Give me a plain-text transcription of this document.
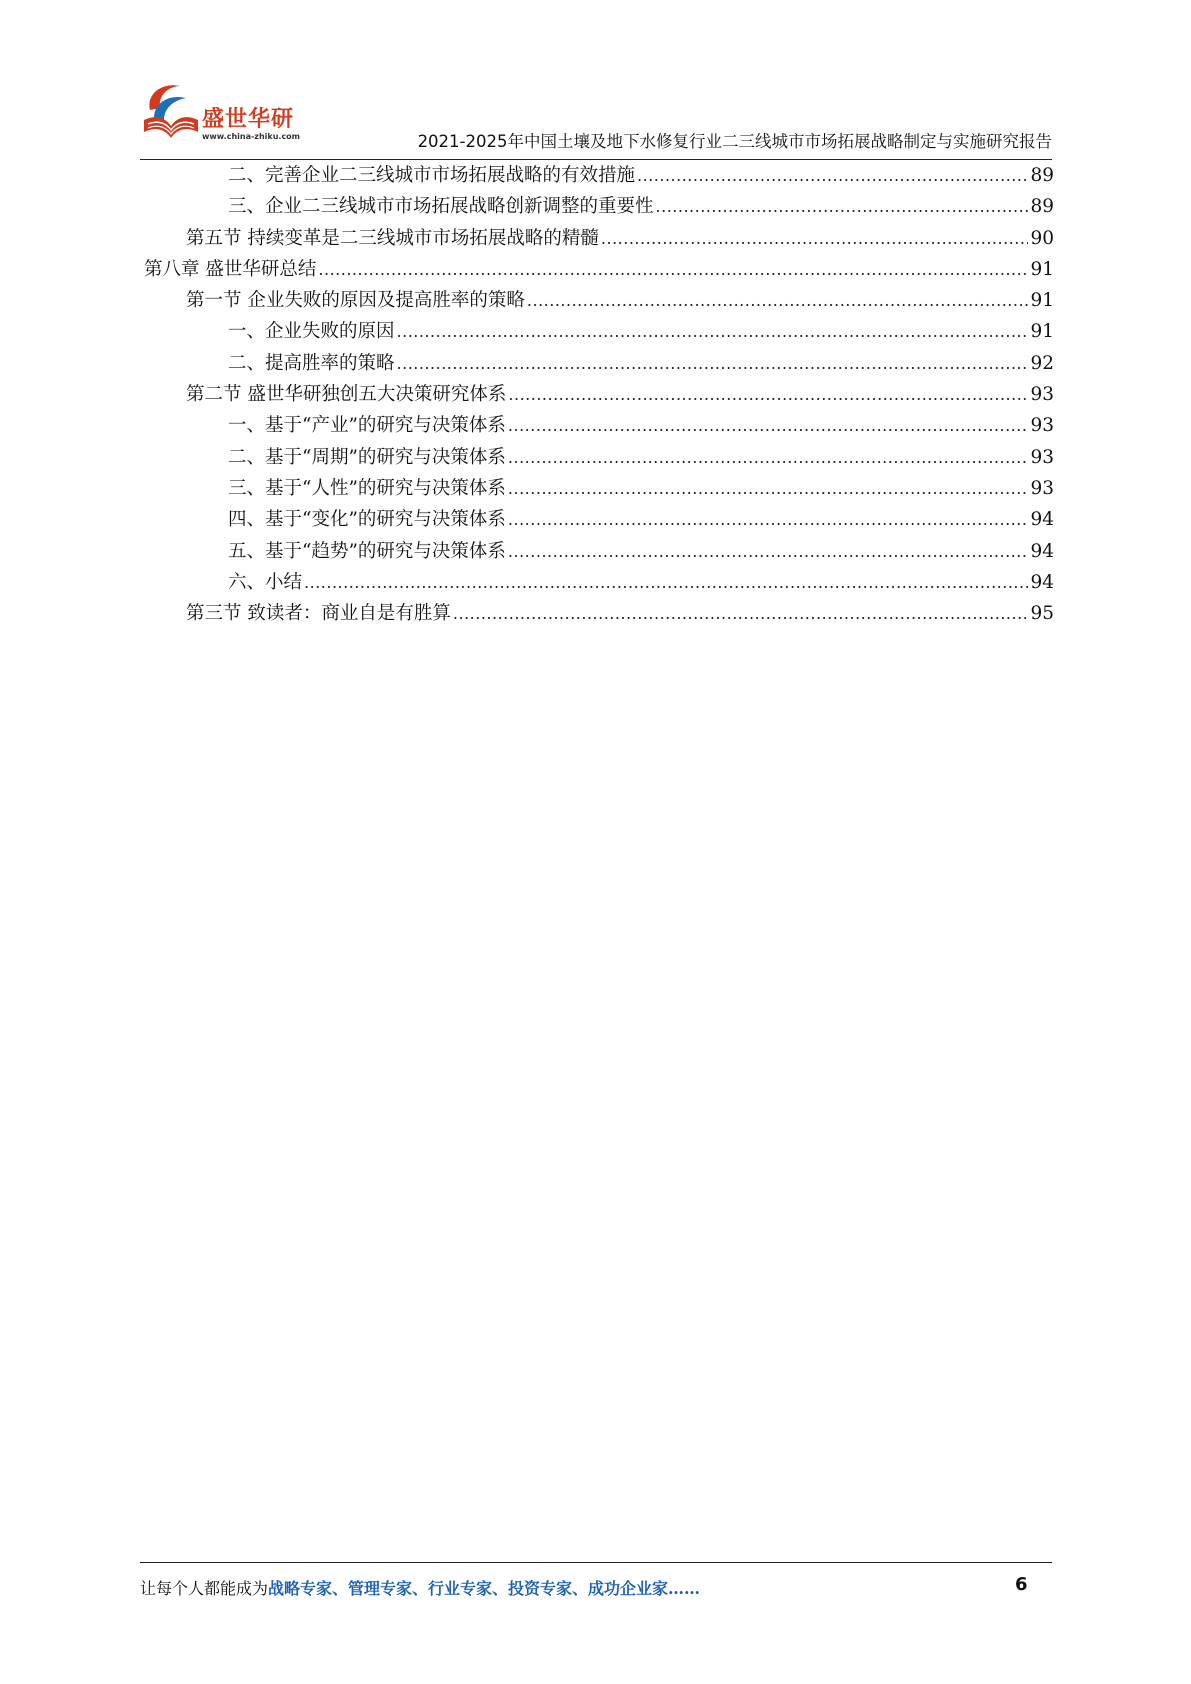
盛世华研
www.china-zhiku.com	2021-2025年中国土壤及地下水修复行业二三线城市市场拓展战略制定与实施研究报告
二、完善企业二三线城市市场拓展战略的有效措施 .....	89
三、企业二三线城市市场拓展战略创新调整的重要性 .....	89
第五节 持续变革是二三线城市市场拓展战略的精髓 .....	90
第八章 盛世华研总结 .....	91
第一节 企业失败的原因及提高胜率的策略 .....	91
一、企业失败的原因 .....	91
二、提高胜率的策略 .....	92
第二节 盛世华研独创五大决策研究体系 .....	93
一、基于“产业”的研究与决策体系 .....	93
二、基于“周期”的研究与决策体系 .....	93
三、基于“人性”的研究与决策体系 .....	93
四、基于“变化”的研究与决策体系 .....	94
五、基于“趋势”的研究与决策体系 .....	94
六、小结 .....	94
第三节 致读者：商业自是有胜算 .....	95
让每个人都能成为战略专家、管理专家、行业专家、投资专家、成功企业家……	6
